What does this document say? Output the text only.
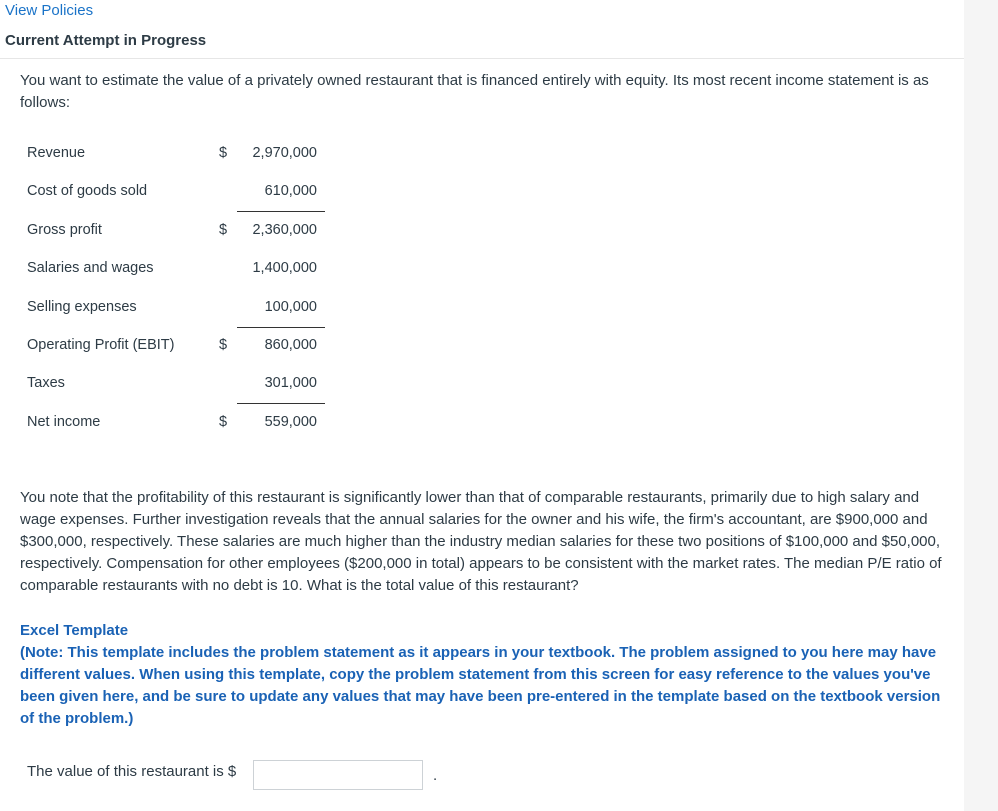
View Policies
Current Attempt in Progress
You want to estimate the value of a privately owned restaurant that is financed entirely with equity. Its most recent income statement is as follows:
Revenue	$ 2,970,000
Cost of goods sold	610,000
Gross profit	$ 2,360,000
Salaries and wages	1,400,000
Selling expenses	100,000
Operating Profit (EBIT)	$	860,000
Taxes	301,000
Net income	$	559,000
You note that the profitability of this restaurant is significantly lower than that of comparable restaurants, primarily due to high salary and wage expenses. Further investigation reveals that the annual salaries for the owner and his wife, the firm's accountant, are $900,000 and $300,000, respectively. These salaries are much higher than the industry median salaries for these two positions of $100,000 and $50,000, respectively. Compensation for other employees ($200,000 in total) appears to be consistent with the market rates. The median P/E ratio of comparable restaurants with no debt is 10. What is the total value of this restaurant?
Excel Template
(Note: This template includes the problem statement as it appears in your textbook. The problem assigned to you here may have different values. When using this template, copy the problem statement from this screen for easy reference to the values you've been given here, and be sure to update any values that may have been pre-entered in the template based on the textbook version of the problem.)
The value of this restaurant is $	.
